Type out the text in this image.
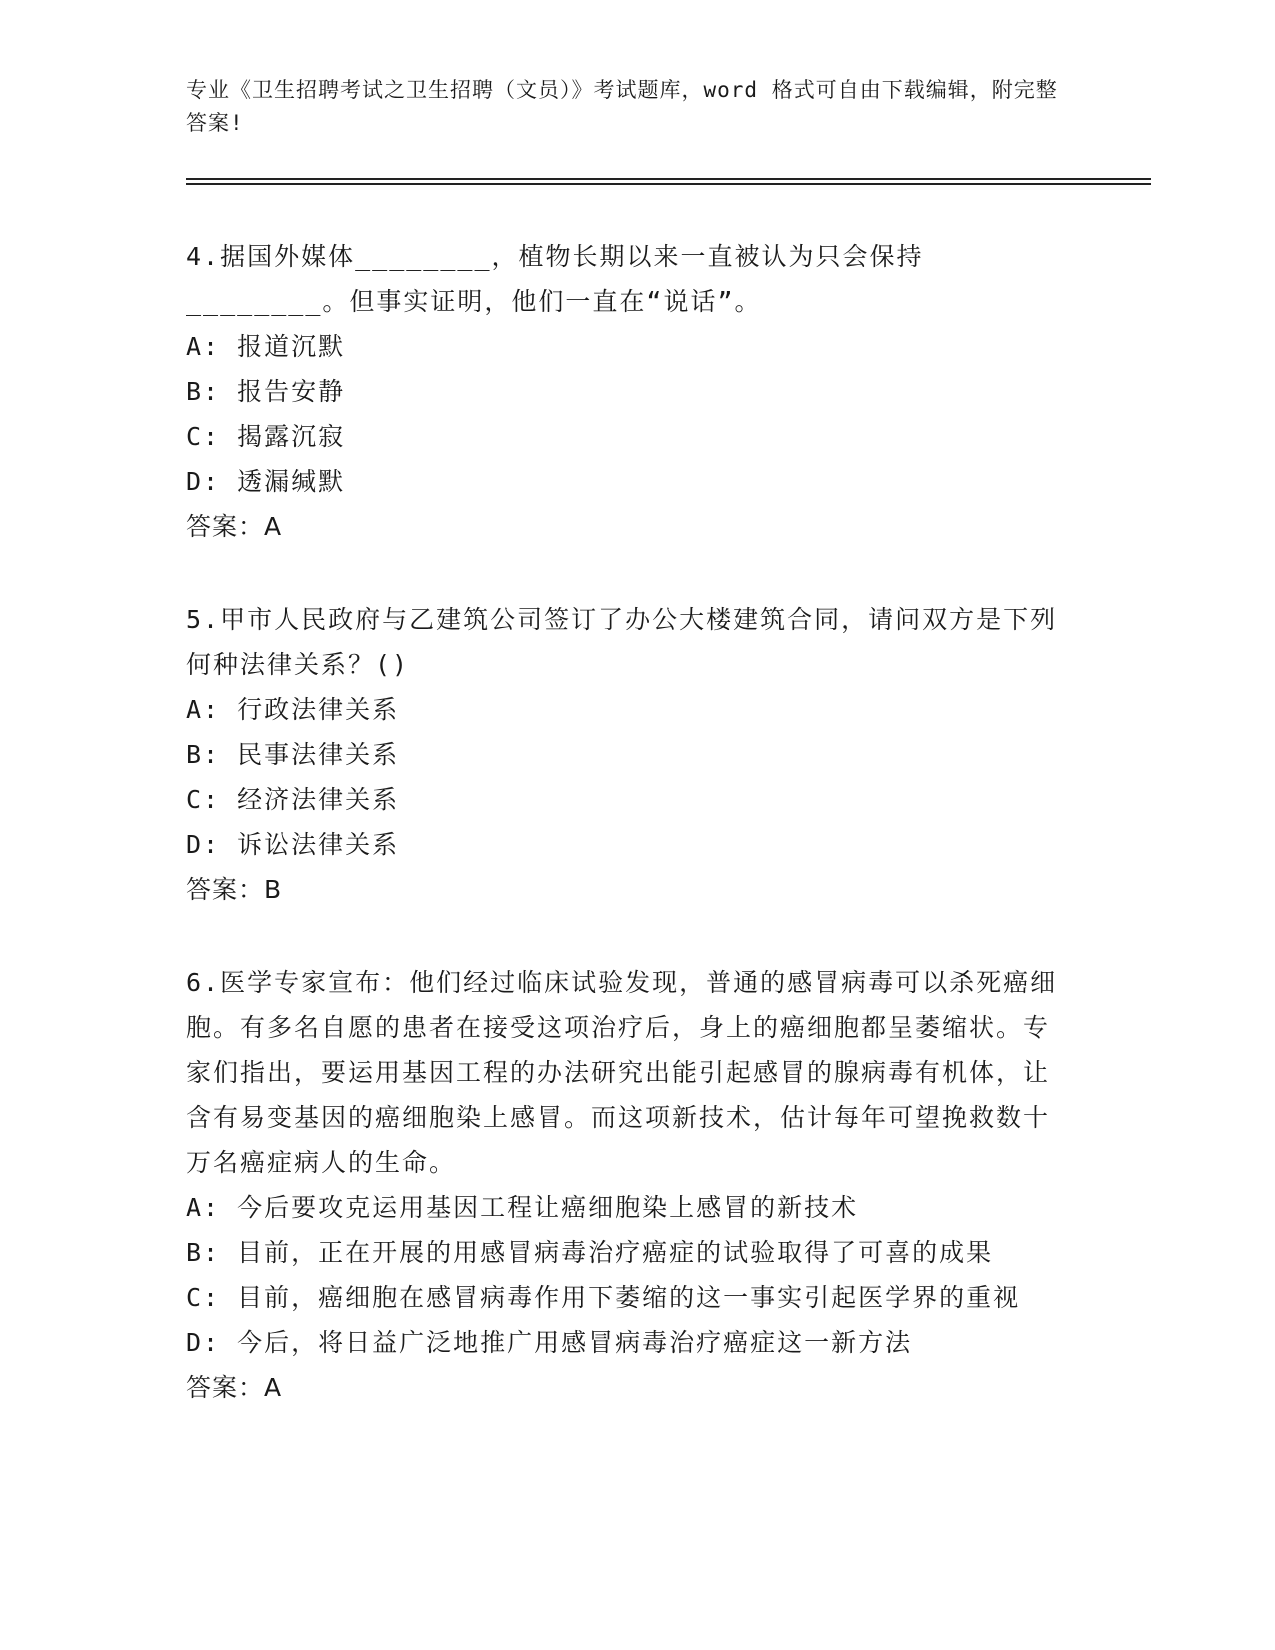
专业《卫生招聘考试之卫生招聘（文员）》考试题库，word 格式可自由下载编辑，附完整答案!

4.据国外媒体________，植物长期以来一直被认为只会保持________。但事实证明，他们一直在“说话”。

A: 报道沉默

B: 报告安静

C: 揭露沉寂

D: 透漏缄默

答案：A

5.甲市人民政府与乙建筑公司签订了办公大楼建筑合同，请问双方是下列何种法律关系？()

A: 行政法律关系

B: 民事法律关系

C: 经济法律关系

D: 诉讼法律关系

答案：B

6.医学专家宣布：他们经过临床试验发现，普通的感冒病毒可以杀死癌细胞。有多名自愿的患者在接受这项治疗后，身上的癌细胞都呈萎缩状。专家们指出，要运用基因工程的办法研究出能引起感冒的腺病毒有机体，让含有易变基因的癌细胞染上感冒。而这项新技术，估计每年可望挽救数十万名癌症病人的生命。

A: 今后要攻克运用基因工程让癌细胞染上感冒的新技术

B: 目前，正在开展的用感冒病毒治疗癌症的试验取得了可喜的成果

C: 目前，癌细胞在感冒病毒作用下萎缩的这一事实引起医学界的重视

D: 今后，将日益广泛地推广用感冒病毒治疗癌症这一新方法

答案：A
